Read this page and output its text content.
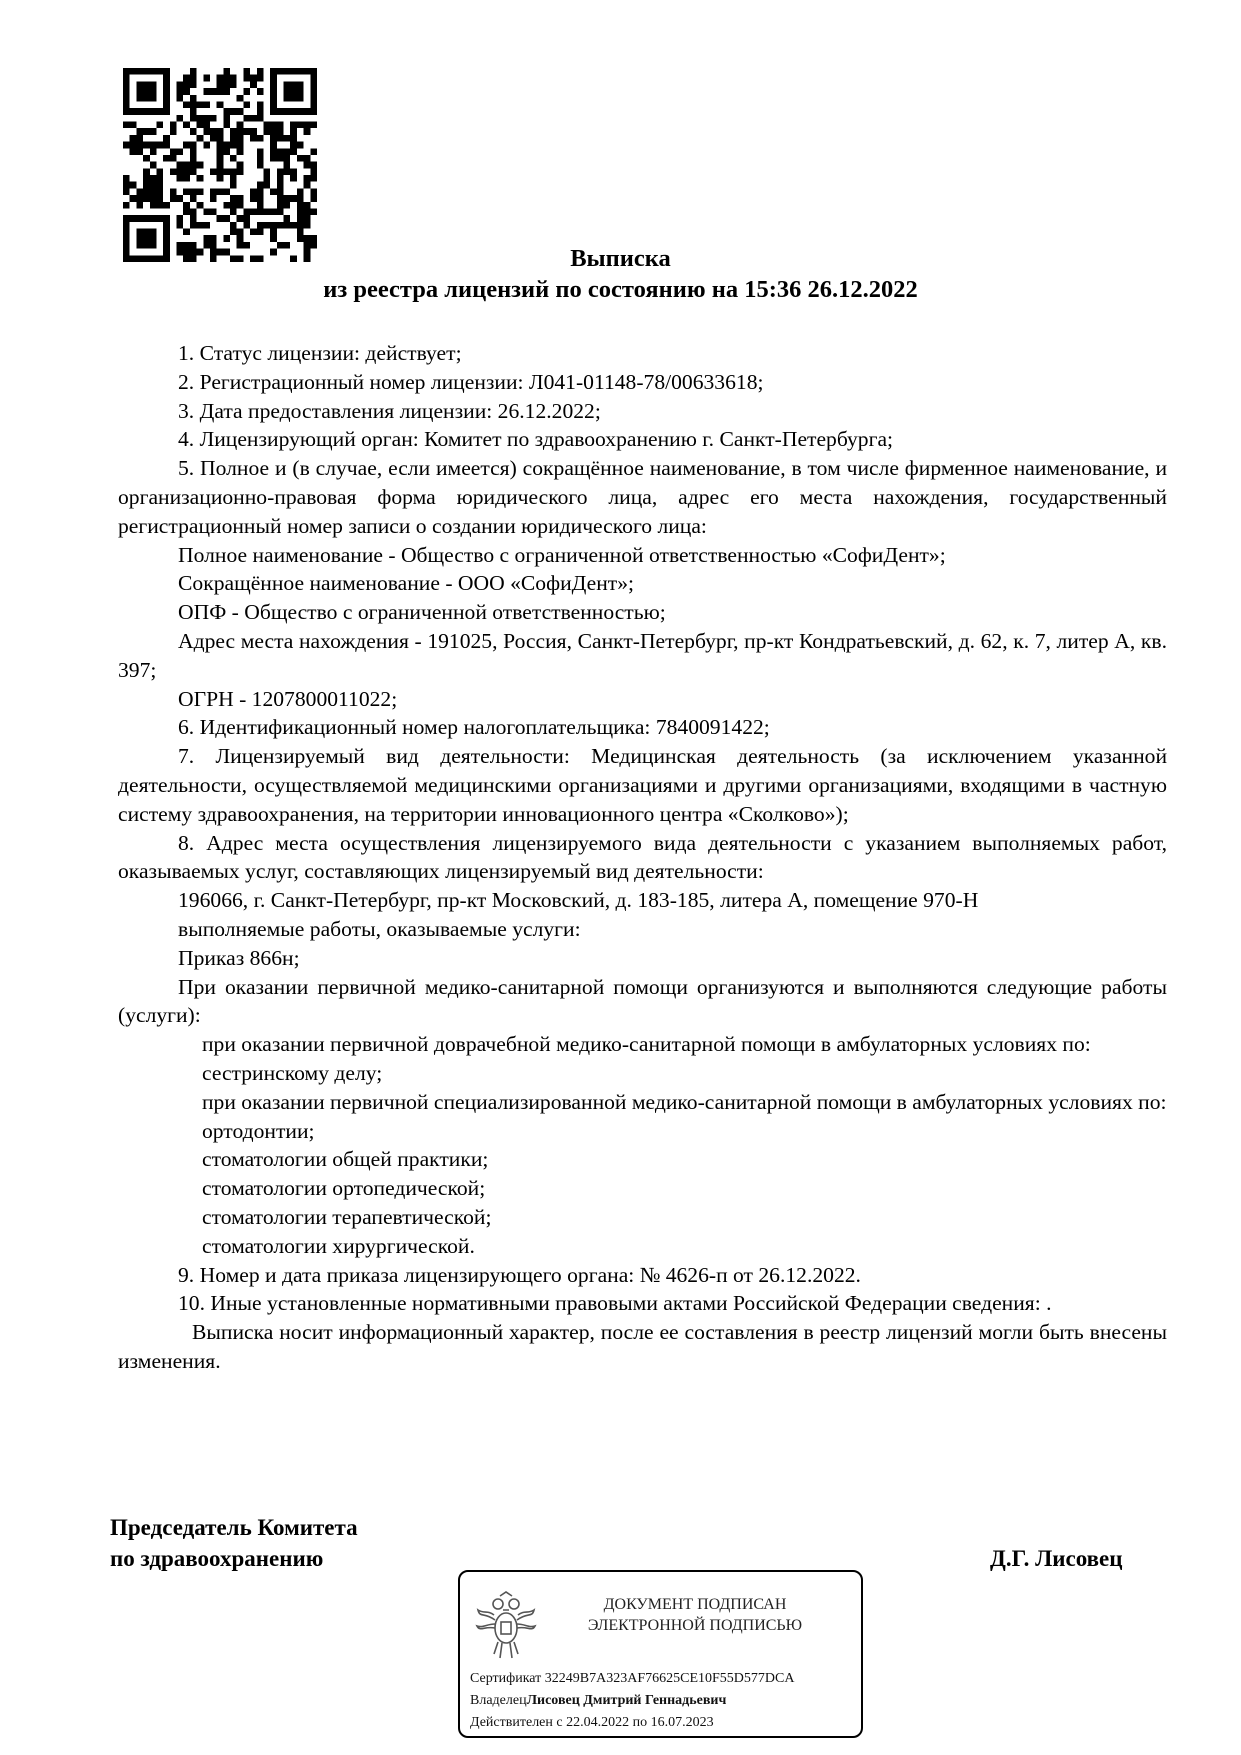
Выписка
из реестра лицензий по состоянию на 15:36 26.12.2022

1. Статус лицензии: действует;

2. Регистрационный номер лицензии: Л041-01148-78/00633618;

3. Дата предоставления лицензии: 26.12.2022;

4. Лицензирующий орган: Комитет по здравоохранению г. Санкт-Петербурга;

5. Полное и (в случае, если имеется) сокращённое наименование, в том числе фирменное наименование, и организационно-правовая форма юридического лица, адрес его места нахождения, государственный регистрационный номер записи о создании юридического лица:

Полное наименование - Общество с ограниченной ответственностью «СофиДент»;

Сокращённое наименование - ООО «СофиДент»;

ОПФ - Общество с ограниченной ответственностью;

Адрес места нахождения - 191025, Россия, Санкт-Петербург, пр-кт Кондратьевский, д. 62, к. 7, литер А, кв. 397;

ОГРН - 1207800011022;

6. Идентификационный номер налогоплательщика: 7840091422;

7. Лицензируемый вид деятельности: Медицинская деятельность (за исключением указанной деятельности, осуществляемой медицинскими организациями и другими организациями, входящими в частную систему здравоохранения, на территории инновационного центра «Сколково»);

8. Адрес места осуществления лицензируемого вида деятельности с указанием выполняемых работ, оказываемых услуг, составляющих лицензируемый вид деятельности:

196066, г. Санкт-Петербург, пр-кт Московский, д. 183-185, литера А, помещение 970-Н

выполняемые работы, оказываемые услуги:

Приказ 866н;

При оказании первичной медико-санитарной помощи организуются и выполняются следующие работы (услуги):

при оказании первичной доврачебной медико-санитарной помощи в амбулаторных условиях по:

сестринскому делу;

при оказании первичной специализированной медико-санитарной помощи в амбулаторных условиях по:

ортодонтии;

стоматологии общей практики;

стоматологии ортопедической;

стоматологии терапевтической;

стоматологии хирургической.

9. Номер и дата приказа лицензирующего органа: № 4626-п от 26.12.2022.

10. Иные установленные нормативными правовыми актами Российской Федерации сведения: .

Выписка носит информационный характер, после ее составления в реестр лицензий могли быть внесены изменения.

Председатель Комитета
по здравоохранению	Д.Г. Лисовец
ДОКУМЕНТ ПОДПИСАН
ЭЛЕКТРОННОЙ ПОДПИСЬЮ
Сертификат 32249B7A323AF76625CE10F55D577DCA
ВладелецЛисовец Дмитрий Геннадьевич
Действителен с 22.04.2022 по 16.07.2023
